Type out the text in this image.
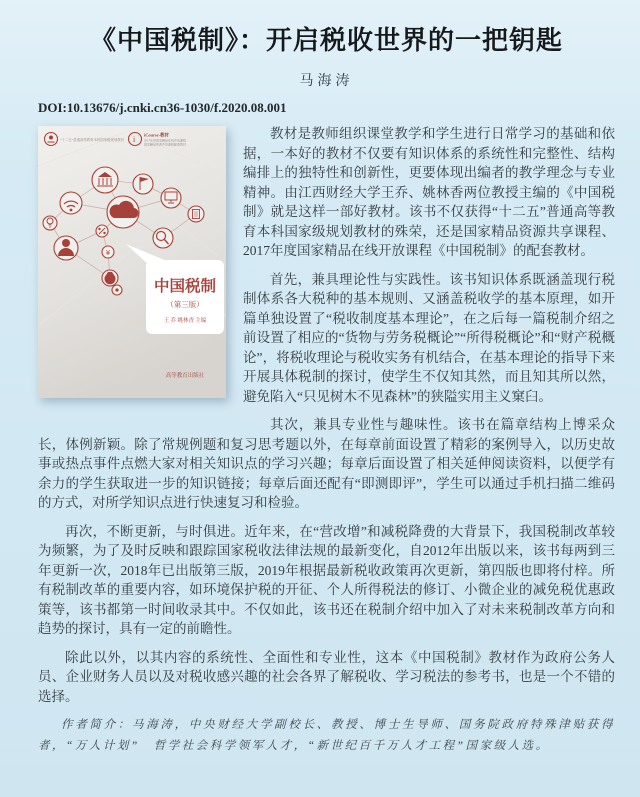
《中国税制》：开启税收世界的一把钥匙
马海涛
DOI:10.13676/j.cnki.cn36-1030/f.2020.08.001
“十二五”普通高等教育本科国家级规划教材 i iCourse·教材
2017年度国家精品在线开放课程
国家精品资源共享课程配套教材
¥
中国税制
（第三版）
王 乔 姚林香 主编
高等教育出版社

教材是教师组织课堂教学和学生进行日常学习的基础和依据，一本好的教材不仅要有知识体系的系统性和完整性、结构编排上的独特性和创新性，更要体现出编者的教学理念与专业精神。由江西财经大学王乔、姚林香两位教授主编的《中国税制》就是这样一部好教材。该书不仅获得“十二五”普通高等教育本科国家级规划教材的殊荣，还是国家精品资源共享课程、2017年度国家精品在线开放课程《中国税制》的配套教材。

首先，兼具理论性与实践性。该书知识体系既涵盖现行税制体系各大税种的基本规则、又涵盖税收学的基本原理，如开篇单独设置了“税收制度基本理论”，在之后每一篇税制介绍之前设置了相应的“货物与劳务税概论”“所得税概论”和“财产税概论”，将税收理论与税收实务有机结合，在基本理论的指导下来开展具体税制的探讨，使学生不仅知其然，而且知其所以然，避免陷入“只见树木不见森林”的狭隘实用主义窠臼。

其次，兼具专业性与趣味性。该书在篇章结构上博采众长，体例新颖。除了常规例题和复习思考题以外，在每章前面设置了精彩的案例导入，以历史故事或热点事件点燃大家对相关知识点的学习兴趣；每章后面设置了相关延伸阅读资料，以便学有余力的学生获取进一步的知识链接；每章后面还配有“即测即评”，学生可以通过手机扫描二维码的方式，对所学知识点进行快速复习和检验。

再次，不断更新，与时俱进。近年来，在“营改增”和减税降费的大背景下，我国税制改革较为频繁，为了及时反映和跟踪国家税收法律法规的最新变化，自2012年出版以来，该书每两到三年更新一次，2018年已出版第三版，2019年根据最新税收政策再次更新，第四版也即将付梓。所有税制改革的重要内容，如环境保护税的开征、个人所得税法的修订、小微企业的减免税优惠政策等，该书都第一时间收录其中。不仅如此，该书还在税制介绍中加入了对未来税制改革方向和趋势的探讨，具有一定的前瞻性。

除此以外，以其内容的系统性、全面性和专业性，这本《中国税制》教材作为政府公务人员、企业财务人员以及对税收感兴趣的社会各界了解税收、学习税法的参考书，也是一个不错的选择。

作者简介：马海涛，中央财经大学副校长、教授、博士生导师、国务院政府特殊津贴获得者，“万人计划”　哲学社会科学领军人才，“新世纪百千万人才工程”国家级人选。
